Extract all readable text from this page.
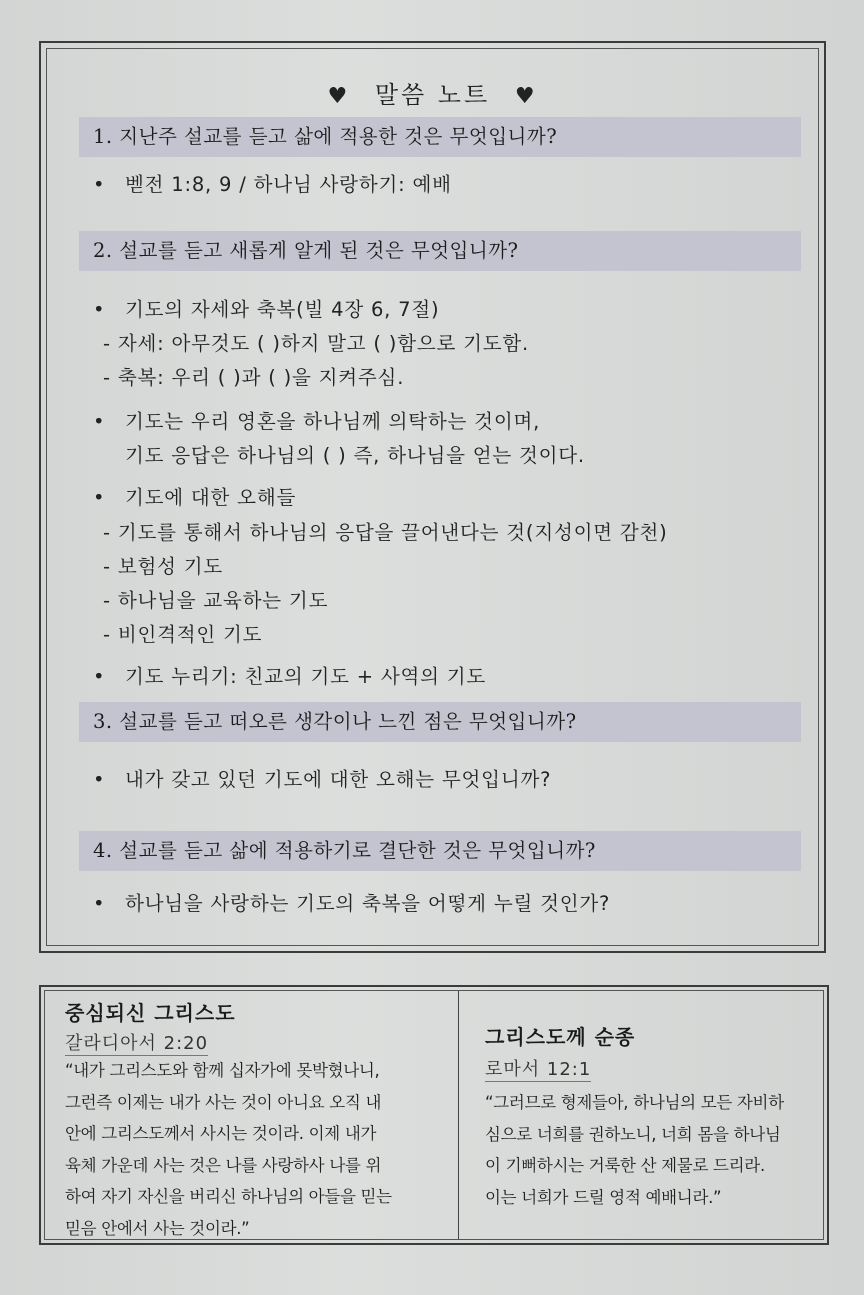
♥ 말씀 노트 ♥
1. 지난주 설교를 듣고 삶에 적용한 것은 무엇입니까?
• 벧전 1:8, 9 / 하나님 사랑하기: 예배
2. 설교를 듣고 새롭게 알게 된 것은 무엇입니까?
• 기도의 자세와 축복(빌 4장 6, 7절)
- 자세: 아무것도 ( )하지 말고 ( )함으로 기도함.
- 축복: 우리 ( )과 ( )을 지켜주심.
• 기도는 우리 영혼을 하나님께 의탁하는 것이며,
기도 응답은 하나님의 ( ) 즉, 하나님을 얻는 것이다.
• 기도에 대한 오해들
- 기도를 통해서 하나님의 응답을 끌어낸다는 것(지성이면 감천)
- 보험성 기도
- 하나님을 교육하는 기도
- 비인격적인 기도
• 기도 누리기: 친교의 기도 + 사역의 기도
3. 설교를 듣고 떠오른 생각이나 느낀 점은 무엇입니까?
• 내가 갖고 있던 기도에 대한 오해는 무엇입니까?
4. 설교를 듣고 삶에 적용하기로 결단한 것은 무엇입니까?
• 하나님을 사랑하는 기도의 축복을 어떻게 누릴 것인가?
중심되신 그리스도
갈라디아서 2:20
“내가 그리스도와 함께 십자가에 못박혔나니,
그런즉 이제는 내가 사는 것이 아니요 오직 내
안에 그리스도께서 사시는 것이라. 이제 내가
육체 가운데 사는 것은 나를 사랑하사 나를 위
하여 자기 자신을 버리신 하나님의 아들을 믿는
믿음 안에서 사는 것이라.”
그리스도께 순종
로마서 12:1
“그러므로 형제들아, 하나님의 모든 자비하
심으로 너희를 권하노니, 너희 몸을 하나님
이 기뻐하시는 거룩한 산 제물로 드리라.
이는 너희가 드릴 영적 예배니라.”
